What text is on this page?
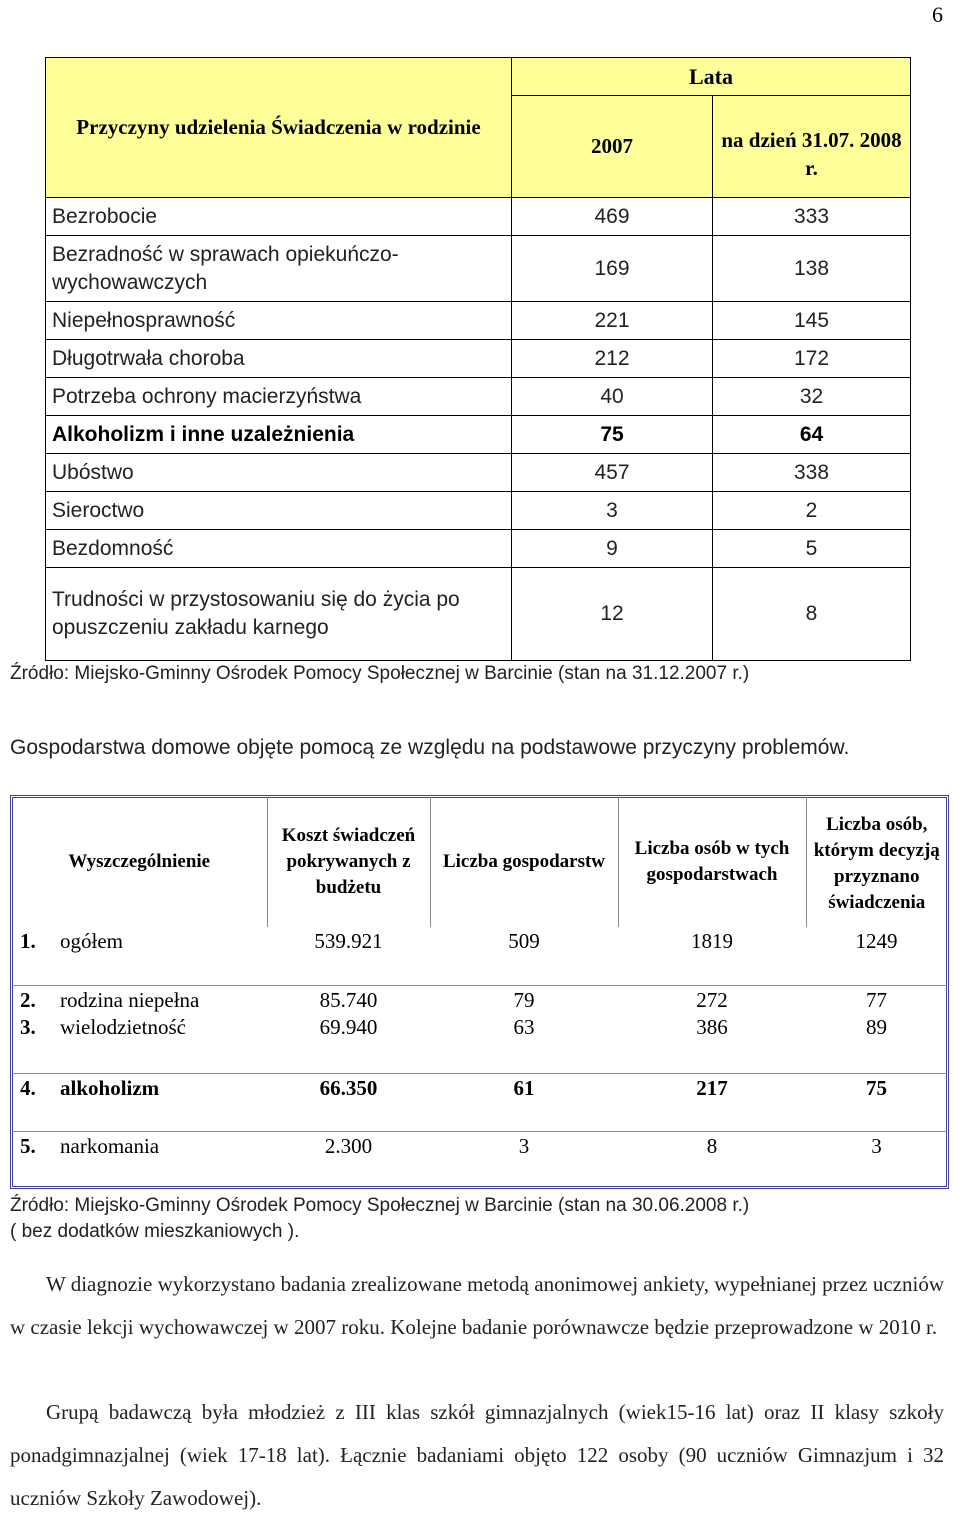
6
Przyczyny udzielenia Świadczenia w rodzinie	Lata	
	2007	na dzień 31.07. 2008 r.
Bezrobocie	469	333
Bezradność w sprawach opiekuńczo-wychowawczych	169	138
Niepełnosprawność	221	145
Długotrwała choroba	212	172
Potrzeba ochrony macierzyństwa	40	32
Alkoholizm i inne uzależnienia	75	64
Ubóstwo	457	338
Sieroctwo	3	2
Bezdomność	9	5
Trudności w przystosowaniu się do życia po opuszczeniu zakładu karnego	12	8
Źródło: Miejsko-Gminny Ośrodek Pomocy Społecznej w Barcinie (stan na 31.12.2007 r.)
Gospodarstwa domowe objęte pomocą ze względu na podstawowe przyczyny problemów.
Wyszczególnienie		Koszt świadczeń pokrywanych z budżetu	Liczba gospodarstw	Liczba osób w tych gospodarstwach	Liczba osób, którym decyzją przyznano świadczenia
1.	ogółem	539.921	509	1819	1249
2.	rodzina niepełna	85.740	79	272	77
3.	wielodzietność	69.940	63	386	89
4.	alkoholizm	66.350	61	217	75
5.	narkomania	2.300	3	8	3
Źródło: Miejsko-Gminny Ośrodek Pomocy Społecznej w Barcinie (stan na 30.06.2008 r.)
( bez dodatków mieszkaniowych ).
W diagnozie wykorzystano badania zrealizowane metodą anonimowej ankiety, wypełnianej przez uczniów w czasie lekcji wychowawczej w 2007 roku. Kolejne badanie porównawcze będzie przeprowadzone w 2010 r.
Grupą badawczą była młodzież z III klas szkół gimnazjalnych (wiek15-16 lat) oraz II klasy szkoły ponadgimnazjalnej (wiek 17-18 lat). Łącznie badaniami objęto 122 osoby (90 uczniów Gimnazjum i 32 uczniów Szkoły Zawodowej).
